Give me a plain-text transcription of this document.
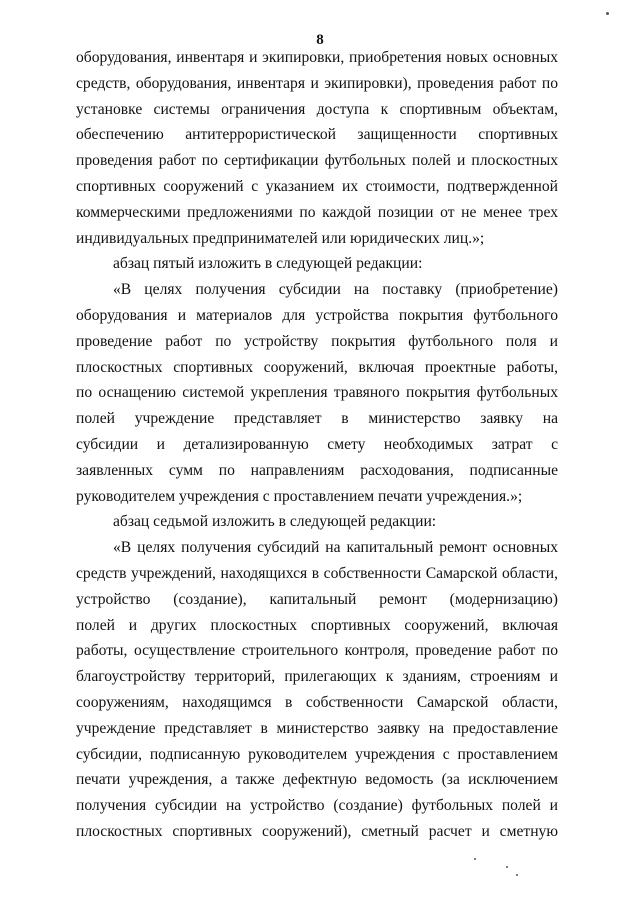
8
оборудования, инвентаря и экипировки, приобретения новых основных
средств, оборудования, инвентаря и экипировки), проведения работ по
установке системы ограничения доступа к спортивным объектам,
обеспечению антитеррористической защищенности спортивных
проведения работ по сертификации футбольных полей и плоскостных
спортивных сооружений с указанием их стоимости, подтвержденной
коммерческими предложениями по каждой позиции от не менее трех
индивидуальных предпринимателей или юридических лиц.»;
абзац пятый изложить в следующей редакции:
«В целях получения субсидии на поставку (приобретение)
оборудования и материалов для устройства покрытия футбольного
проведение работ по устройству покрытия футбольного поля и
плоскостных спортивных сооружений, включая проектные работы,
по оснащению системой укрепления травяного покрытия футбольных
полей учреждение представляет в министерство заявку на
субсидии и детализированную смету необходимых затрат с
заявленных сумм по направлениям расходования, подписанные
руководителем учреждения с проставлением печати учреждения.»;
абзац седьмой изложить в следующей редакции:
«В целях получения субсидий на капитальный ремонт основных
средств учреждений, находящихся в собственности Самарской области,
устройство (создание), капитальный ремонт (модернизацию)
полей и других плоскостных спортивных сооружений, включая
работы, осуществление строительного контроля, проведение работ по
благоустройству территорий, прилегающих к зданиям, строениям и
сооружениям, находящимся в собственности Самарской области,
учреждение представляет в министерство заявку на предоставление
субсидии, подписанную руководителем учреждения с проставлением
печати учреждения, а также дефектную ведомость (за исключением
получения субсидии на устройство (создание) футбольных полей и
плоскостных спортивных сооружений), сметный расчет и сметную
